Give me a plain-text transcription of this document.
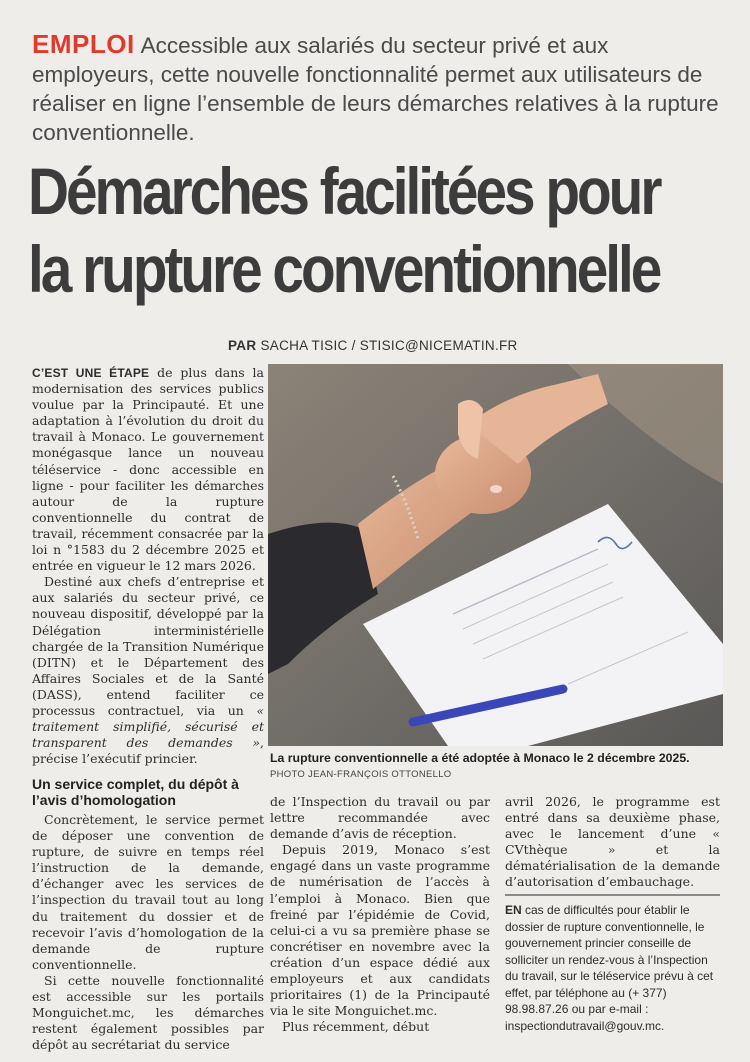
EMPLOI Accessible aux salariés du secteur privé et aux employeurs, cette nouvelle fonctionnalité permet aux utilisateurs de réaliser en ligne l’ensemble de leurs démarches relatives à la rupture conventionnelle.
Démarches facilitées pour
la rupture conventionnelle
PAR SACHA TISIC / STISIC@NICEMATIN.FR

C’EST UNE ÉTAPE de plus dans la modernisation des services publics voulue par la Principauté. Et une adaptation à l’évolution du droit du travail à Monaco. Le gouvernement monégasque lance un nouveau téléservice - donc accessible en ligne - pour faciliter les démarches autour de la rupture conventionnelle du contrat de travail, récemment consacrée par la loi n °1583 du 2 décembre 2025 et entrée en vigueur le 12 mars 2026.

Destiné aux chefs d’entreprise et aux salariés du secteur privé, ce nouveau dispositif, développé par la Délégation interministérielle chargée de la Transition Numérique (DITN) et le Département des Affaires Sociales et de la Santé (DASS), entend faciliter ce processus contractuel, via un « traitement simplifié, sécurisé et transparent des demandes », précise l’exécutif princier.

Un service complet, du dépôt à l’avis d’homologation

Concrètement, le service permet de déposer une convention de rupture, de suivre en temps réel l’instruction de la demande, d’échanger avec les services de l’inspection du travail tout au long du traitement du dossier et de recevoir l’avis d’homologation de la demande de rupture conventionnelle.

Si cette nouvelle fonctionnalité est accessible sur les portails Monguichet.mc, les démarches restent également possibles par dépôt au secrétariat du service

La rupture conventionnelle a été adoptée à Monaco le 2 décembre 2025.
PHOTO JEAN-FRANÇOIS OTTONELLO

de l’Inspection du travail ou par lettre recommandée avec demande d’avis de réception.

Depuis 2019, Monaco s’est engagé dans un vaste programme de numérisation de l’accès à l’emploi à Monaco. Bien que freiné par l’épidémie de Covid, celui-ci a vu sa première phase se concrétiser en novembre avec la création d’un espace dédié aux employeurs et aux candidats prioritaires (1) de la Principauté via le site Monguichet.mc.

Plus récemment, début

avril 2026, le programme est entré dans sa deuxième phase, avec le lancement d’une « CVthèque » et la dématérialisation de la demande d’autorisation d’embauchage.

EN cas de difficultés pour établir le dossier de rupture conventionnelle, le gouvernement princier conseille de solliciter un rendez-vous à l’Inspection du travail, sur le téléservice prévu à cet effet, par téléphone au (+ 377) 98.98.87.26 ou par e-mail : inspectiondutravail@gouv.mc.
